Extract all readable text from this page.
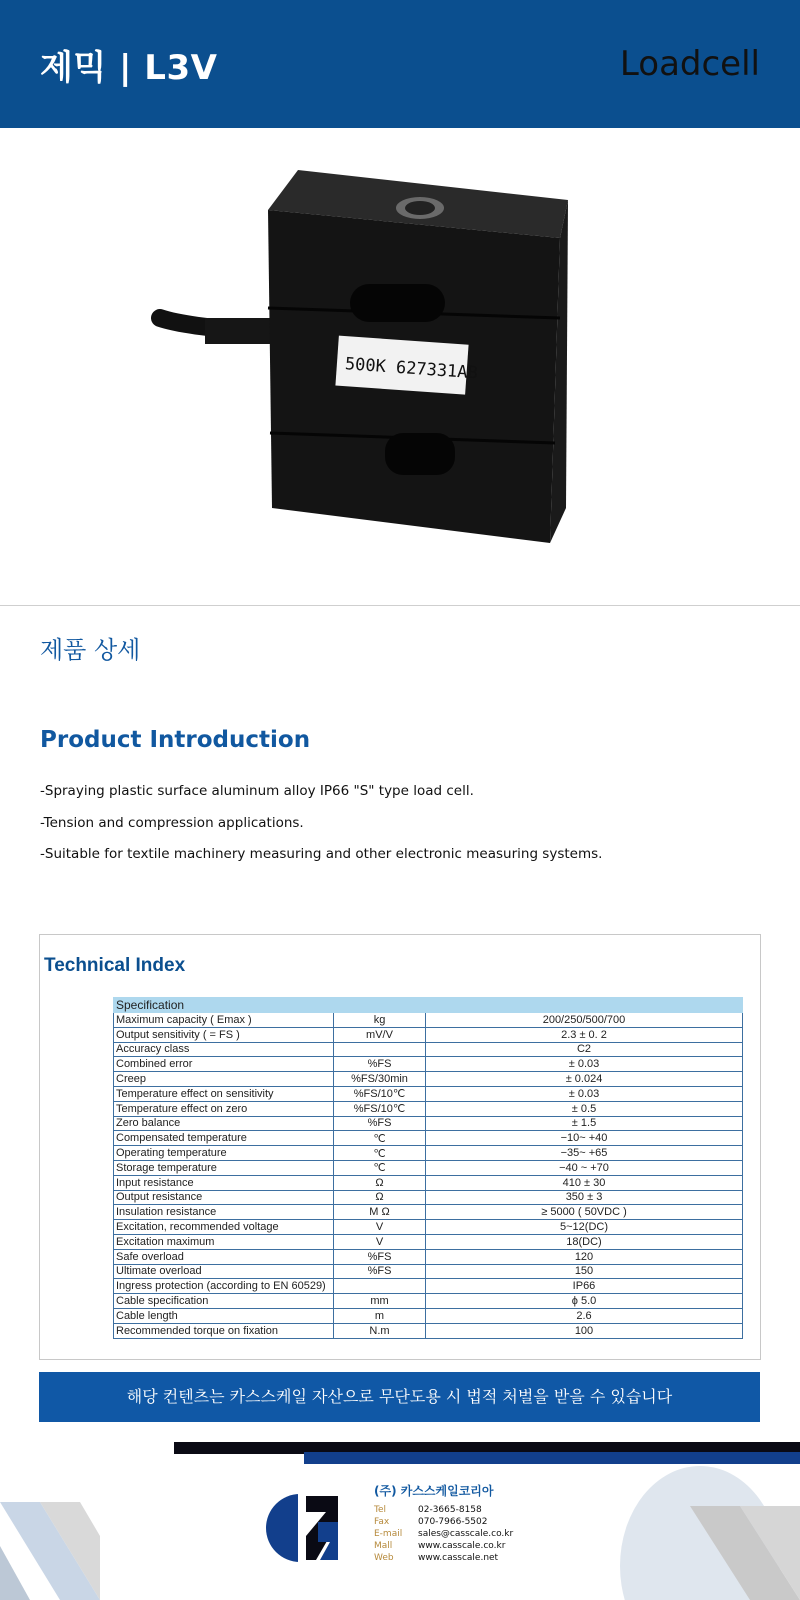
제믹 | L3V	Loadcell
500K 627331AB
제품 상세
Product Introduction
-Spraying plastic surface aluminum alloy IP66 "S" type load cell.
-Tension and compression applications.
-Suitable for textile machinery measuring and other electronic measuring systems.
Technical Index
Specification		
Maximum capacity ( Emax )	kg	200/250/500/700
Output sensitivity ( = FS )	mV/V	2.3 ± 0. 2
Accuracy class		C2
Combined error	%FS	± 0.03
Creep	%FS/30min	± 0.024
Temperature effect on sensitivity	%FS/10℃	± 0.03
Temperature effect on zero	%FS/10℃	± 0.5
Zero balance	%FS	± 1.5
Compensated temperature	℃	−10~ +40
Operating temperature	℃	−35~ +65
Storage temperature	℃	−40 ~ +70
Input resistance	Ω	410 ± 30
Output resistance	Ω	350 ± 3
Insulation resistance	M Ω	≥ 5000 ( 50VDC )
Excitation, recommended voltage	V	5~12(DC)
Excitation maximum	V	18(DC)
Safe overload	%FS	120
Ultimate overload	%FS	150
Ingress protection (according to EN 60529)		IP66
Cable specification	mm	ϕ 5.0
Cable length	m	2.6
Recommended torque on fixation	N.m	100
해당 컨텐츠는 카스스케일 자산으로 무단도용 시 법적 처벌을 받을 수 있습니다
(주) 카스스케일코리아
Tel	02-3665-8158
Fax	070-7966-5502
E-mail sales@casscale.co.kr
Mall	www.casscale.co.kr
Web	www.casscale.net
